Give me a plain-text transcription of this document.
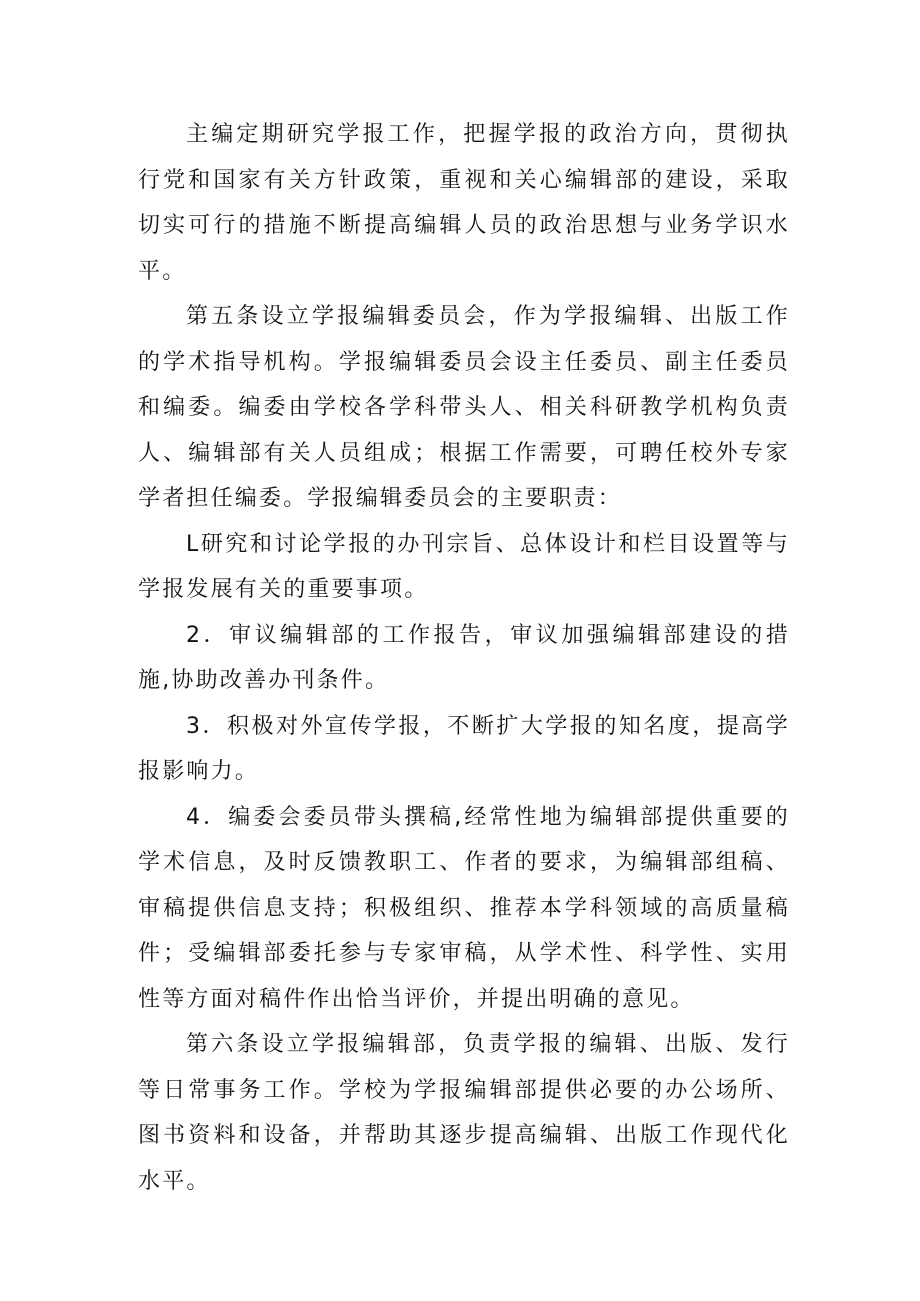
主编定期研究学报工作，把握学报的政治方向，贯彻执行党和国家有关方针政策，重视和关心编辑部的建设，采取切实可行的措施不断提高编辑人员的政治思想与业务学识水平。

第五条设立学报编辑委员会，作为学报编辑、出版工作的学术指导机构。学报编辑委员会设主任委员、副主任委员和编委。编委由学校各学科带头人、相关科研教学机构负责人、编辑部有关人员组成；根据工作需要，可聘任校外专家学者担任编委。学报编辑委员会的主要职责：

L研究和讨论学报的办刊宗旨、总体设计和栏目设置等与学报发展有关的重要事项。

2．审议编辑部的工作报告，审议加强编辑部建设的措施,协助改善办刊条件。

3．积极对外宣传学报，不断扩大学报的知名度，提高学报影响力。

4．编委会委员带头撰稿,经常性地为编辑部提供重要的学术信息，及时反馈教职工、作者的要求，为编辑部组稿、审稿提供信息支持；积极组织、推荐本学科领域的高质量稿件；受编辑部委托参与专家审稿，从学术性、科学性、实用性等方面对稿件作出恰当评价，并提出明确的意见。

第六条设立学报编辑部，负责学报的编辑、出版、发行等日常事务工作。学校为学报编辑部提供必要的办公场所、图书资料和设备，并帮助其逐步提高编辑、出版工作现代化水平。
